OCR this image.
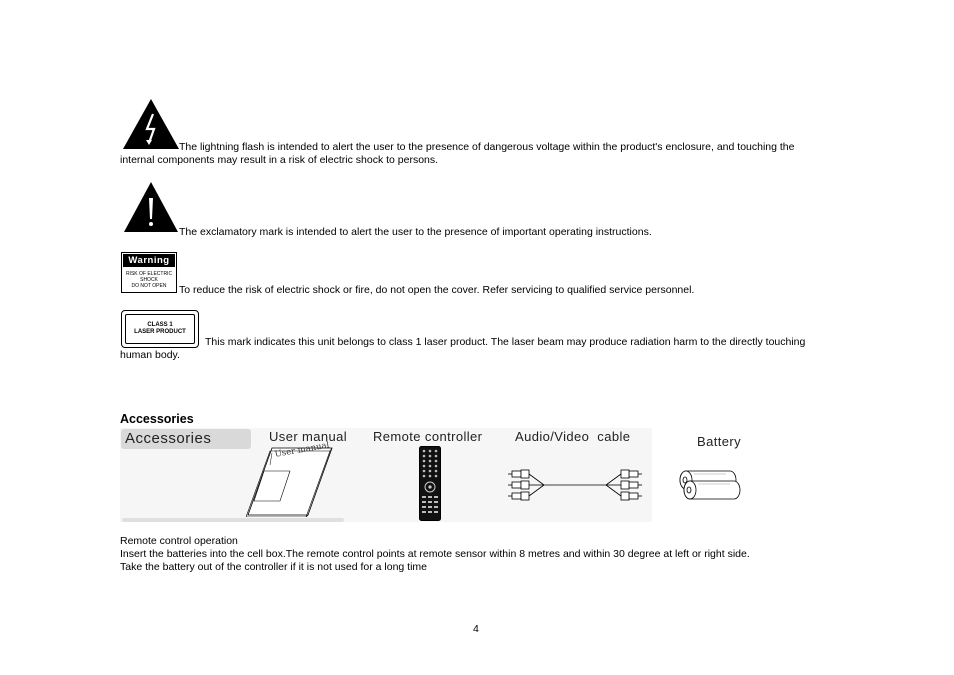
The lightning flash is intended to alert the user to the presence of dangerous voltage within the product's enclosure, and touching the
internal components may result in a risk of electric shock to persons.
The exclamatory mark is intended to alert the user to the presence of important operating instructions.
Warning
RISK OF ELECTRIC SHOCK
DO NOT OPEN	To reduce the risk of electric shock or fire, do not open the cover. Refer servicing to qualified service personnel.
CLASS 1
LASER PRODUCT
This mark indicates this unit belongs to class 1 laser product. The laser beam may produce radiation harm to the directly touching
human body.
Accessories
Accessories	User manual Remote controller	Audio/Video  cable	Battery
User manual
Remote control operation
Insert the batteries into the cell box.The remote control points at remote sensor within 8 metres and within 30 degree at left or right side.
Take the battery out of the controller if it is not used for a long time
4
